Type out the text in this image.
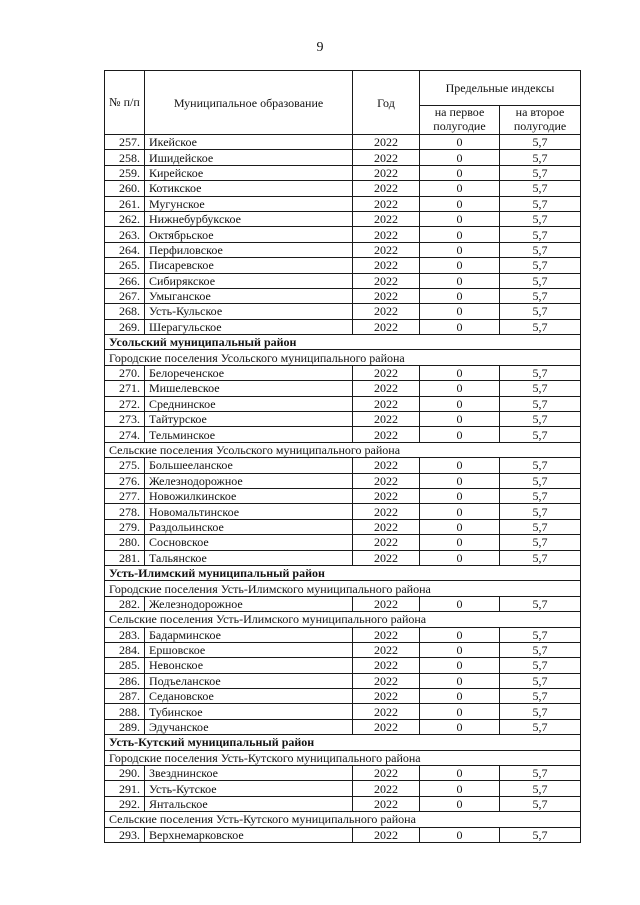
9
№ п/п	Муниципальное образование	Год	Предельные индексы	
			на первое полугодие	на второе полугодие
257.	Икейское	2022	0	5,7
258.	Ишидейское	2022	0	5,7
259.	Кирейское	2022	0	5,7
260.	Котикское	2022	0	5,7
261.	Мугунское	2022	0	5,7
262.	Нижнебурбукское	2022	0	5,7
263.	Октябрьское	2022	0	5,7
264.	Перфиловское	2022	0	5,7
265.	Писаревское	2022	0	5,7
266.	Сибирякское	2022	0	5,7
267.	Умыганское	2022	0	5,7
268.	Усть-Кульское	2022	0	5,7
269.	Шерагульское	2022	0	5,7
Усольский муниципальный район				
Городские поселения Усольского муниципального района				
270.	Белореченское	2022	0	5,7
271.	Мишелевское	2022	0	5,7
272.	Среднинское	2022	0	5,7
273.	Тайтурское	2022	0	5,7
274.	Тельминское	2022	0	5,7
Сельские поселения Усольского муниципального района				
275.	Большееланское	2022	0	5,7
276.	Железнодорожное	2022	0	5,7
277.	Новожилкинское	2022	0	5,7
278.	Новомальтинское	2022	0	5,7
279.	Раздольинское	2022	0	5,7
280.	Сосновское	2022	0	5,7
281.	Тальянское	2022	0	5,7
Усть-Илимский муниципальный район				
Городские поселения Усть-Илимского муниципального района				
282.	Железнодорожное	2022	0	5,7
Сельские поселения Усть-Илимского муниципального района				
283.	Бадарминское	2022	0	5,7
284.	Ершовское	2022	0	5,7
285.	Невонское	2022	0	5,7
286.	Подъеланское	2022	0	5,7
287.	Седановское	2022	0	5,7
288.	Тубинское	2022	0	5,7
289.	Эдучанское	2022	0	5,7
Усть-Кутский муниципальный район				
Городские поселения Усть-Кутского муниципального района				
290.	Звезднинское	2022	0	5,7
291.	Усть-Кутское	2022	0	5,7
292.	Янтальское	2022	0	5,7
Сельские поселения Усть-Кутского муниципального района				
293.	Верхнемарковское	2022	0	5,7
